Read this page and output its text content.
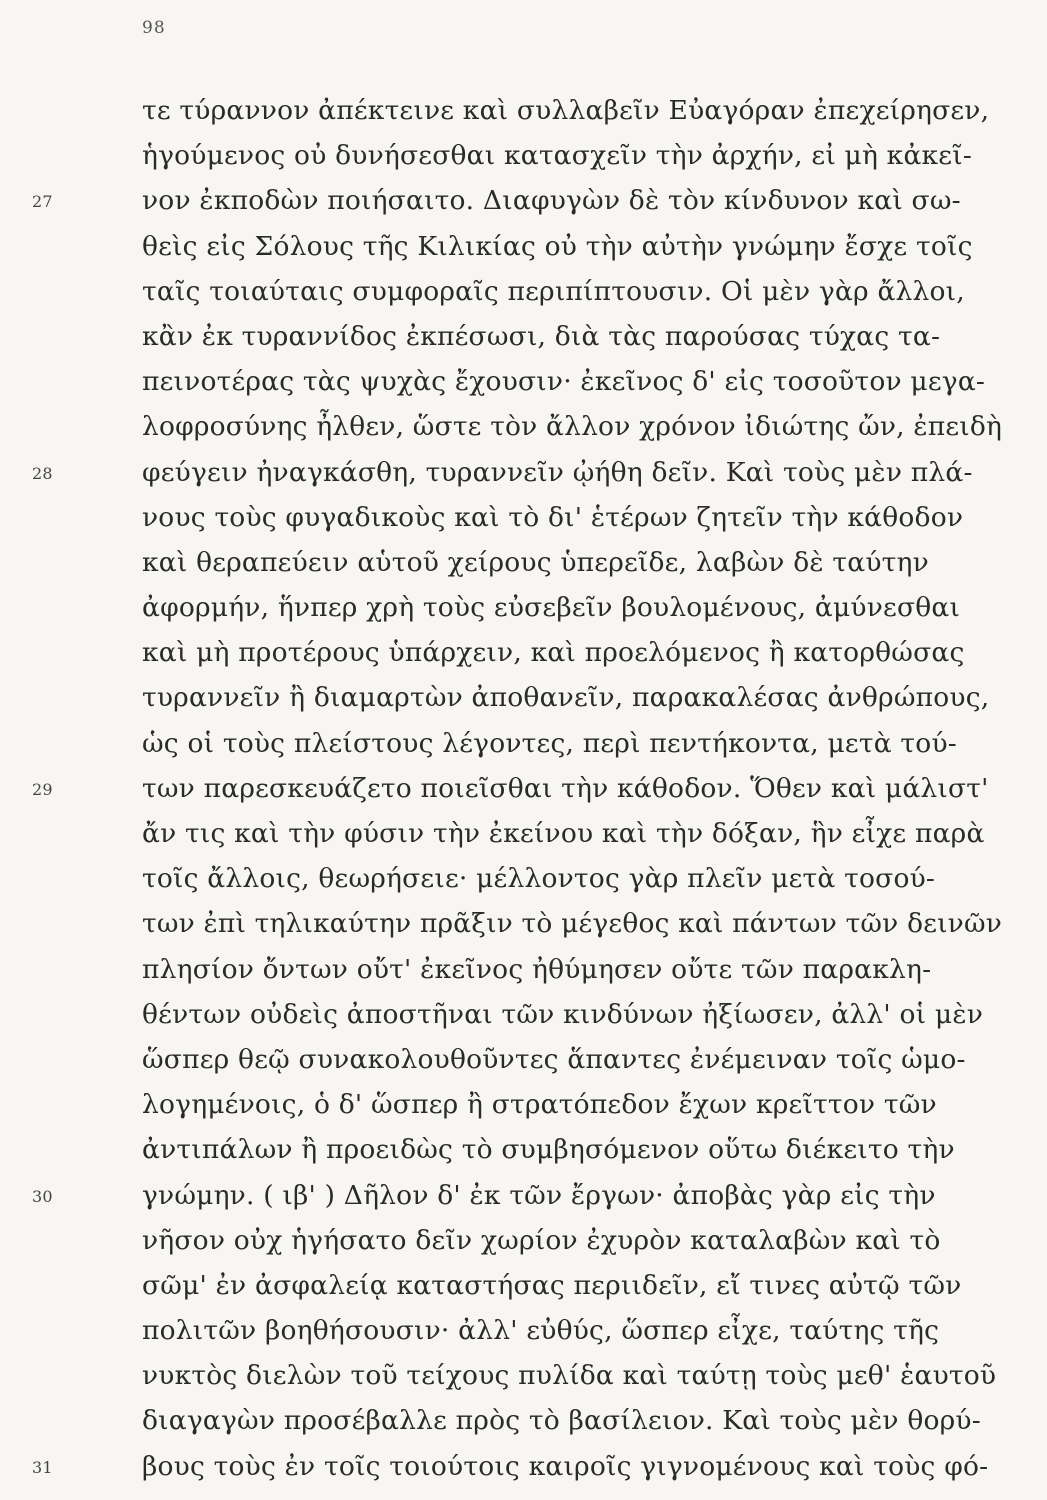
98
τε τύραννον ἀπέκτεινε καὶ συλλαβεῖν Εὐαγόραν ἐπεχείρησεν,
ἡγούμενος οὐ δυνήσεσθαι κατασχεῖν τὴν ἀρχήν, εἰ μὴ κἀκεῖ-
27	νον ἐκποδὼν ποιήσαιτο. Διαφυγὼν δὲ τὸν κίνδυνον καὶ σω-
θεὶς εἰς Σόλους τῆς Κιλικίας οὐ τὴν αὐτὴν γνώμην ἔσχε τοῖς
ταῖς τοιαύταις συμφοραῖς περιπίπτουσιν. Οἱ μὲν γὰρ ἄλλοι,
κἂν ἐκ τυραννίδος ἐκπέσωσι, διὰ τὰς παρούσας τύχας τα-
πεινοτέρας τὰς ψυχὰς ἔχουσιν· ἐκεῖνος δ' εἰς τοσοῦτον μεγα-
λοφροσύνης ἦλθεν, ὥστε τὸν ἄλλον χρόνον ἰδιώτης ὤν, ἐπειδὴ
28	φεύγειν ἠναγκάσθη, τυραννεῖν ᾠήθη δεῖν. Καὶ τοὺς μὲν πλά-
νους τοὺς φυγαδικοὺς καὶ τὸ δι' ἑτέρων ζητεῖν τὴν κάθοδον
καὶ θεραπεύειν αὑτοῦ χείρους ὑπερεῖδε, λαβὼν δὲ ταύτην
ἀφορμήν, ἥνπερ χρὴ τοὺς εὐσεβεῖν βουλομένους, ἀμύνεσθαι
καὶ μὴ προτέρους ὑπάρχειν, καὶ προελόμενος ἢ κατορθώσας
τυραννεῖν ἢ διαμαρτὼν ἀποθανεῖν, παρακαλέσας ἀνθρώπους,
ὡς οἱ τοὺς πλείστους λέγοντες, περὶ πεντήκοντα, μετὰ τού-
29	των παρεσκευάζετο ποιεῖσθαι τὴν κάθοδον. Ὅθεν καὶ μάλιστ'
ἄν τις καὶ τὴν φύσιν τὴν ἐκείνου καὶ τὴν δόξαν, ἣν εἶχε παρὰ
τοῖς ἄλλοις, θεωρήσειε· μέλλοντος γὰρ πλεῖν μετὰ τοσού-
των ἐπὶ τηλικαύτην πρᾶξιν τὸ μέγεθος καὶ πάντων τῶν δεινῶν
πλησίον ὄντων οὔτ' ἐκεῖνος ἠθύμησεν οὔτε τῶν παρακλη-
θέντων οὐδεὶς ἀποστῆναι τῶν κινδύνων ἠξίωσεν, ἀλλ' οἱ μὲν
ὥσπερ θεῷ συνακολουθοῦντες ἅπαντες ἐνέμειναν τοῖς ὡμο-
λογημένοις, ὁ δ' ὥσπερ ἢ στρατόπεδον ἔχων κρεῖττον τῶν
ἀντιπάλων ἢ προειδὼς τὸ συμβησόμενον οὕτω διέκειτο τὴν
30	γνώμην. ( ιβ' ) Δῆλον δ' ἐκ τῶν ἔργων· ἀποβὰς γὰρ εἰς τὴν
νῆσον οὐχ ἡγήσατο δεῖν χωρίον ἐχυρὸν καταλαβὼν καὶ τὸ
σῶμ' ἐν ἀσφαλείᾳ καταστήσας περιιδεῖν, εἴ τινες αὐτῷ τῶν
πολιτῶν βοηθήσουσιν· ἀλλ' εὐθύς, ὥσπερ εἶχε, ταύτης τῆς
νυκτὸς διελὼν τοῦ τείχους πυλίδα καὶ ταύτῃ τοὺς μεθ' ἑαυτοῦ
διαγαγὼν προσέβαλλε πρὸς τὸ βασίλειον. Καὶ τοὺς μὲν θορύ-
31	βους τοὺς ἐν τοῖς τοιούτοις καιροῖς γιγνομένους καὶ τοὺς φό-
